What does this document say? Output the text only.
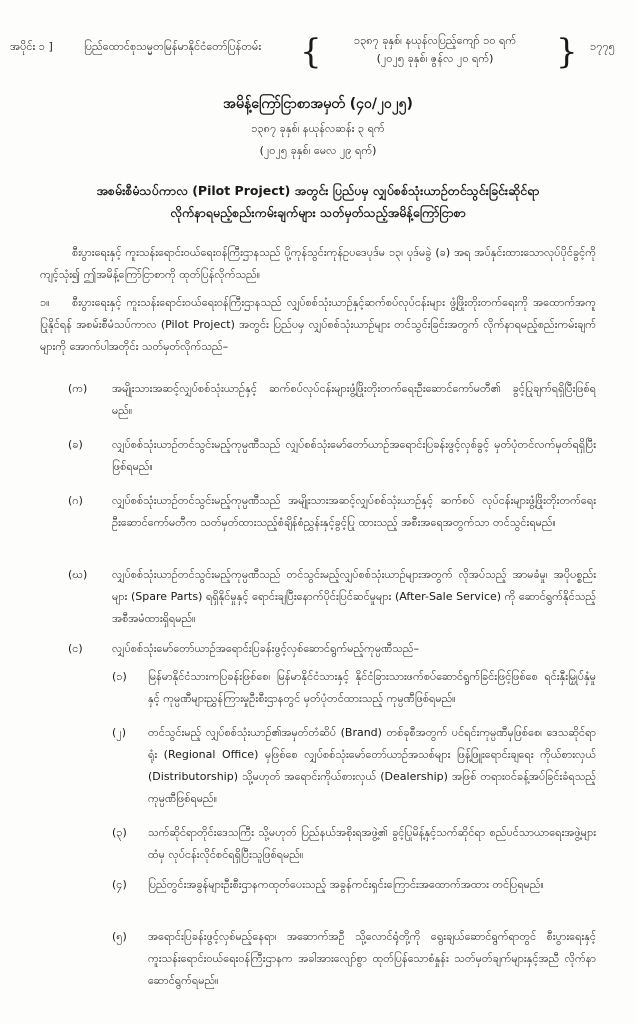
အပိုင်း ၁ ]	ပြည်ထောင်စုသမ္မတမြန်မာနိုင်ငံတော်ပြန်တမ်း {	၁၃၈၇ ခုနှစ်၊ နယုန်လပြည့်ကျော် ၁၀ ရက်
(၂၀၂၅ ခုနှစ်၊ ဇွန်လ ၂၀ ရက်)	} ၁၇၇၅
အမိန့်ကြော်ငြာစာအမှတ် (၄၀/၂၀၂၅)
၁၃၈၇ ခုနှစ်၊ နယုန်လဆန်း ၃ ရက်
(၂၀၂၅ ခုနှစ်၊ မေလ ၂၉ ရက်)
အစမ်းစီမံသပ်ကာလ (Pilot Project) အတွင်း ပြည်ပမှ လျှပ်စစ်သုံးယာဉ်တင်သွင်းခြင်းဆိုင်ရာ
လိုက်နာရမည့်စည်းကမ်းချက်များ သတ်မှတ်သည့်အမိန့်ကြော်ငြာစာ
စီးပွားရေးနှင့် ကူးသန်းရောင်းဝယ်ရေးဝန်ကြီးဌာနသည် ပို့ကုန်သွင်းကုန်ဥပဒေပုဒ်မ ၁၃၊ ပုဒ်မခွဲ (ခ) အရ အပ်နှင်းထားသောလုပ်ပိုင်ခွင့်ကိုကျင့်သုံး၍ ဤအမိန့်ကြော်ငြာစာကို ထုတ်ပြန်လိုက်သည်။
၁။	စီးပွားရေးနှင့် ကူးသန်းရောင်းဝယ်ရေးဝန်ကြီးဌာနသည် လျှပ်စစ်သုံးယာဉ်နှင့်ဆက်စပ်လုပ်ငန်းများ ဖွံ့ဖြိုးတိုးတက်ရေးကို အထောက်အကူပြုနိုင်ရန် အစမ်းစီမံသပ်ကာလ (Pilot Project) အတွင်း ပြည်ပမှ လျှပ်စစ်သုံးယာဉ်များ တင်သွင်းခြင်းအတွက် လိုက်နာရမည့်စည်းကမ်းချက်များကို အောက်ပါအတိုင်း သတ်မှတ်လိုက်သည်–
(က)	အမျိုးသားအဆင့်လျှပ်စစ်သုံးယာဉ်နှင့် ဆက်စပ်လုပ်ငန်းများဖွံ့ဖြိုးတိုးတက်ရေးဦးဆောင်ကော်မတီ၏ ခွင့်ပြုချက်ရရှိပြီးဖြစ်ရမည်။
(ခ)	လျှပ်စစ်သုံးယာဉ်တင်သွင်းမည့်ကုမ္ပဏီသည် လျှပ်စစ်သုံးမော်တော်ယာဉ်အရောင်းပြခန်းဖွင့်လှစ်ခွင့် မှတ်ပုံတင်လက်မှတ်ရရှိပြီးဖြစ်ရမည်။
(ဂ)	လျှပ်စစ်သုံးယာဉ်တင်သွင်းမည့်ကုမ္ပဏီသည် အမျိုးသားအဆင့်လျှပ်စစ်သုံးယာဉ်နှင့် ဆက်စပ် လုပ်ငန်းများဖွံ့ဖြိုးတိုးတက်ရေးဦးဆောင်ကော်မတီက သတ်မှတ်ထားသည့်စံချိန်စံညွှန်းနှင့်ခွင့်ပြု ထားသည့် အစီးအရေအတွက်သာ တင်သွင်းရမည်။
(ဃ)	လျှပ်စစ်သုံးယာဉ်တင်သွင်းမည့်ကုမ္ပဏီသည် တင်သွင်းမည့်လျှပ်စစ်သုံးယာဉ်များအတွက် လိုအပ်သည့် အာမခံမှု၊ အပိုပစ္စည်းများ (Spare Parts) ရရှိနိုင်မှုနှင့် ရောင်းချပြီးနောက်ပိုင်းပြင်ဆင်မှုများ (After-Sale Service) ကို ဆောင်ရွက်နိုင်သည့် အစီအမံထားရှိရမည်။
(င)	လျှပ်စစ်သုံးမော်တော်ယာဉ်အရောင်းပြခန်းဖွင့်လှစ်ဆောင်ရွက်မည့်ကုမ္ပဏီသည်–
(၁)	မြန်မာနိုင်ငံသားကပြခန်းဖြစ်စေ၊ မြန်မာနိုင်ငံသားနှင့် နိုင်ငံခြားသားဖက်စပ်ဆောင်ရွက်ခြင်းဖြင့်ဖြစ်စေ ရင်းနှီးမြှုပ်နှံမှုနှင့် ကုမ္ပဏီများညွှန်ကြားမှုဦးစီးဌာနတွင် မှတ်ပုံတင်ထားသည့် ကုမ္ပဏီဖြစ်ရမည်။
(၂)	တင်သွင်းမည့် လျှပ်စစ်သုံးယာဉ်၏အမှတ်တံဆိပ် (Brand) တစ်ခုစီအတွက် ပင်ရင်းကုမ္ပဏီမှဖြစ်စေ၊ ဒေသဆိုင်ရာရုံး (Regional Office) မှဖြစ်စေ လျှပ်စစ်သုံးမော်တော်ယာဉ်အသစ်များ ဖြန့်ဖြူးရောင်းချရေး ကိုယ်စားလှယ် (Distributorship) သို့မဟုတ် အရောင်းကိုယ်စားလှယ် (Dealership) အဖြစ် တရားဝင်ခန့်အပ်ခြင်းခံရသည့် ကုမ္ပဏီဖြစ်ရမည်။
(၃)	သက်ဆိုင်ရာတိုင်းဒေသကြီး သို့မဟုတ် ပြည်နယ်အစိုးရအဖွဲ့၏ ခွင့်ပြုမိန့်နှင့်သက်ဆိုင်ရာ စည်ပင်သာယာရေးအဖွဲ့များထံမှ လုပ်ငန်းလိုင်စင်ရရှိပြီးသူဖြစ်ရမည်။
(၄)	ပြည်တွင်းအခွန်များဦးစီးဌာနကထုတ်ပေးသည့် အခွန်ကင်းရှင်းကြောင်းအထောက်အထား တင်ပြရမည်။
(၅)	အရောင်းပြခန်းဖွင့်လှစ်မည့်နေရာ၊ အဆောက်အဦ သို့လောင်ရုံတို့ကို ရွေးချယ်ဆောင်ရွက်ရာတွင် စီးပွားရေးနှင့် ကူးသန်းရောင်းဝယ်ရေးဝန်ကြီးဌာနက အခါအားလျော်စွာ ထုတ်ပြန်သောစံနှုန်း သတ်မှတ်ချက်များနှင့်အညီ လိုက်နာဆောင်ရွက်ရမည်။
